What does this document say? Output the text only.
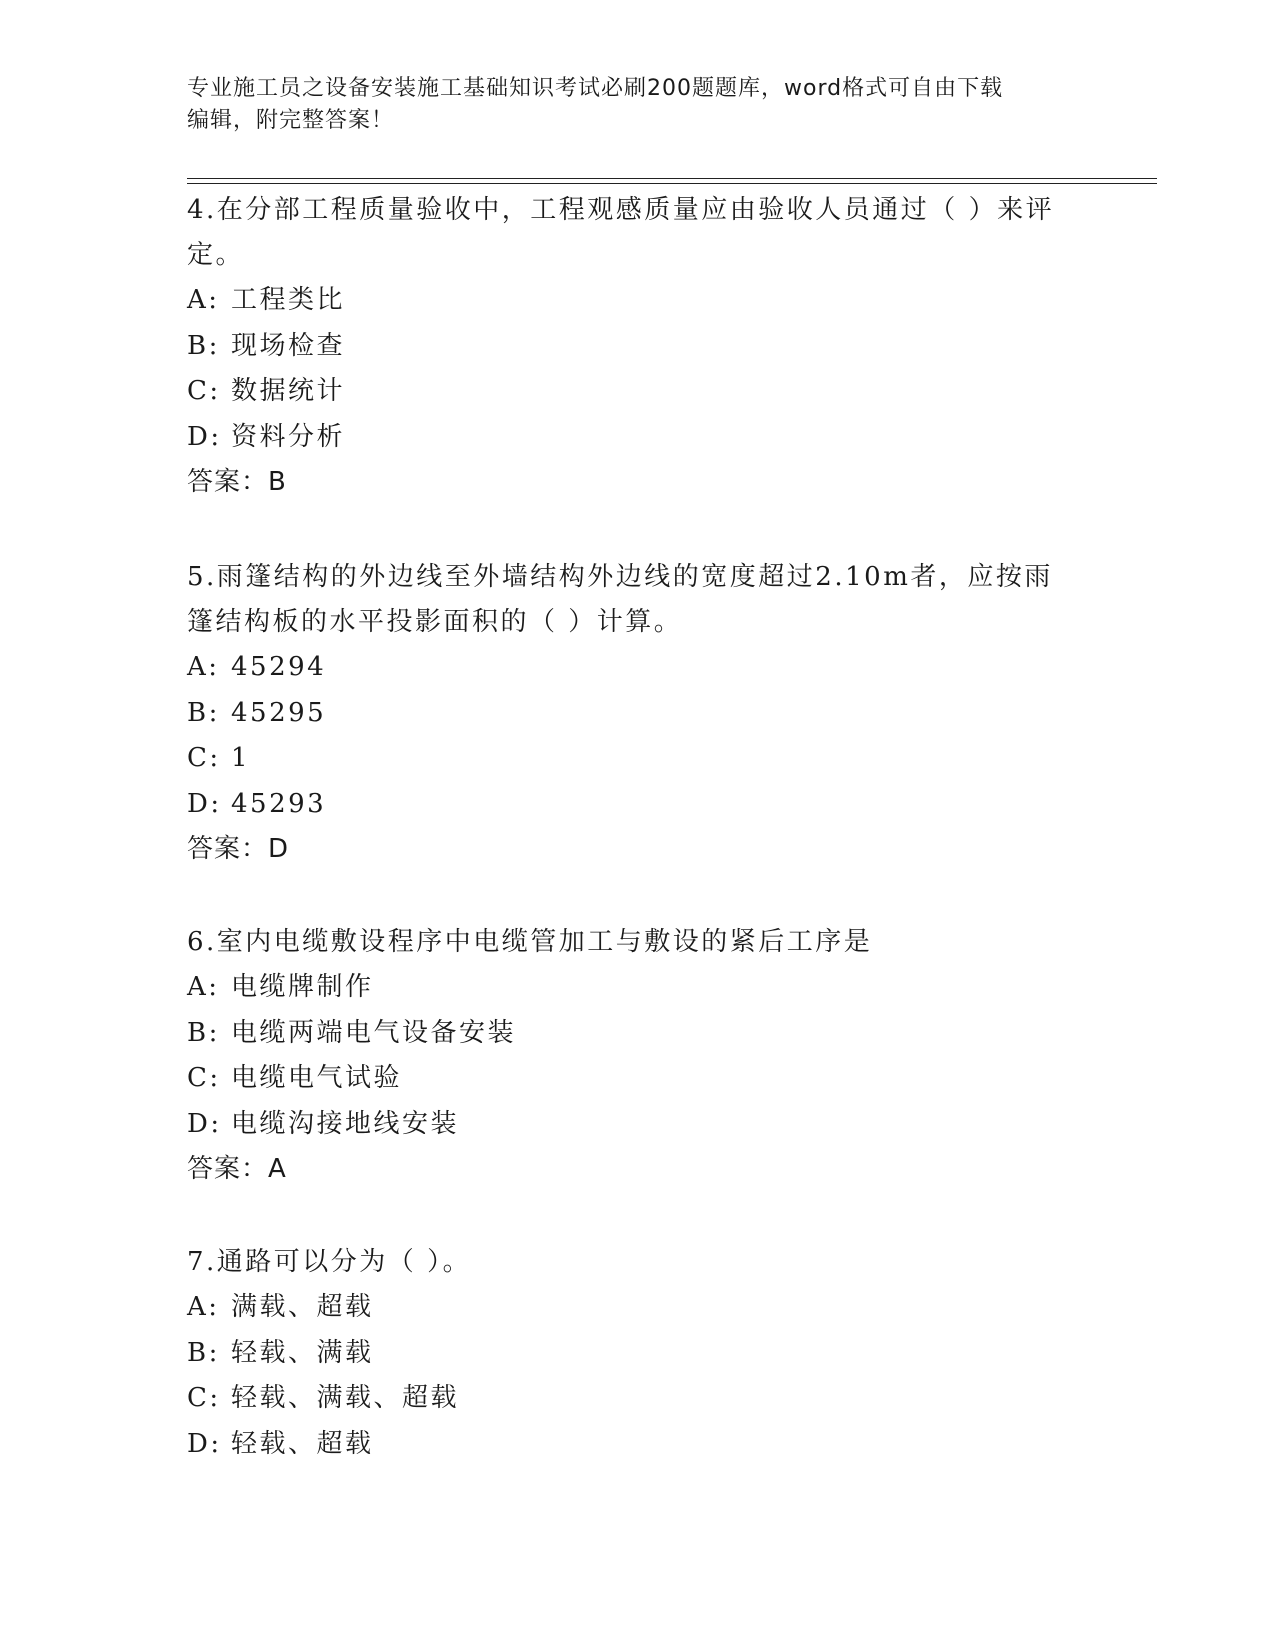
专业施工员之设备安装施工基础知识考试必刷200题题库，word格式可自由下载
编辑，附完整答案！

4.在分部工程质量验收中，工程观感质量应由验收人员通过（ ）来评
定。

A: 工程类比

B: 现场检查

C: 数据统计

D: 资料分析

答案：B

5.雨篷结构的外边线至外墙结构外边线的宽度超过2.10m者，应按雨
篷结构板的水平投影面积的（ ）计算。

A: 45294

B: 45295

C: 1

D: 45293

答案：D

6.室内电缆敷设程序中电缆管加工与敷设的紧后工序是

A: 电缆牌制作

B: 电缆两端电气设备安装

C: 电缆电气试验

D: 电缆沟接地线安装

答案：A

7.通路可以分为（ ）。

A: 满载、超载

B: 轻载、满载

C: 轻载、满载、超载

D: 轻载、超载
